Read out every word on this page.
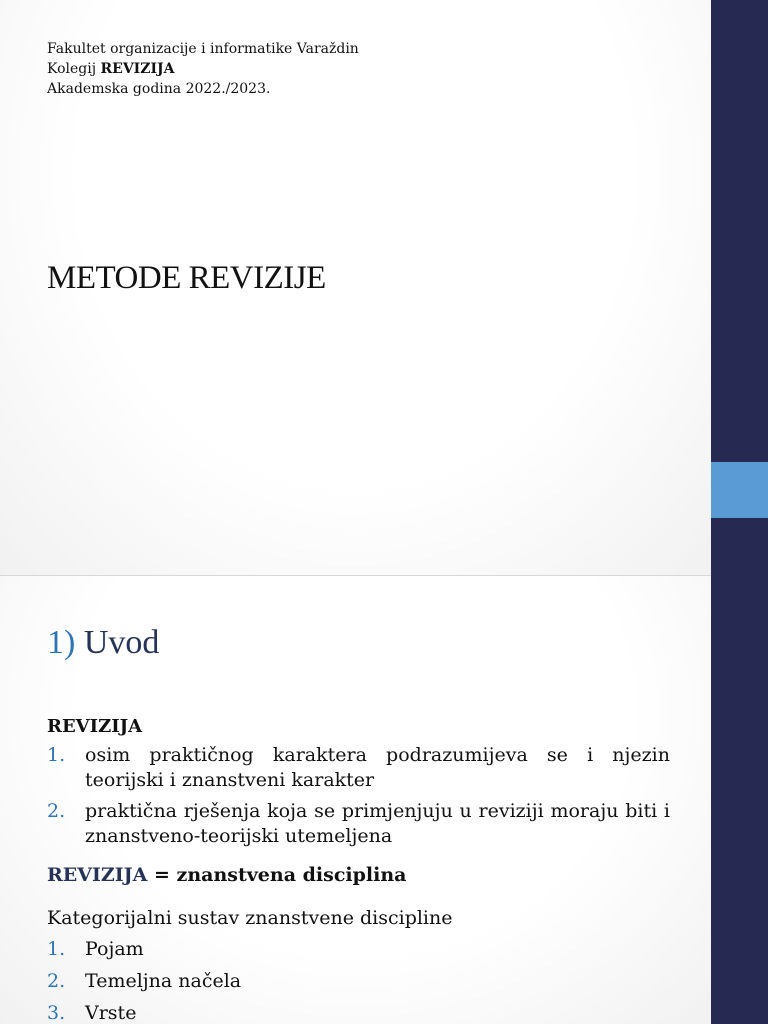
Fakultet organizacije i informatike Varaždin
Kolegij REVIZIJA
Akademska godina 2022./2023.
METODE REVIZIJE
1) Uvod
REVIZIJA
1. osim praktičnog karaktera podrazumijeva se i njezin teorijski i znanstveni karakter
2. praktična rješenja koja se primjenjuju u reviziji moraju biti i znanstveno-teorijski utemeljena
REVIZIJA = znanstvena disciplina
Kategorijalni sustav znanstvene discipline
1. Pojam
2. Temeljna načela
3. Vrste
